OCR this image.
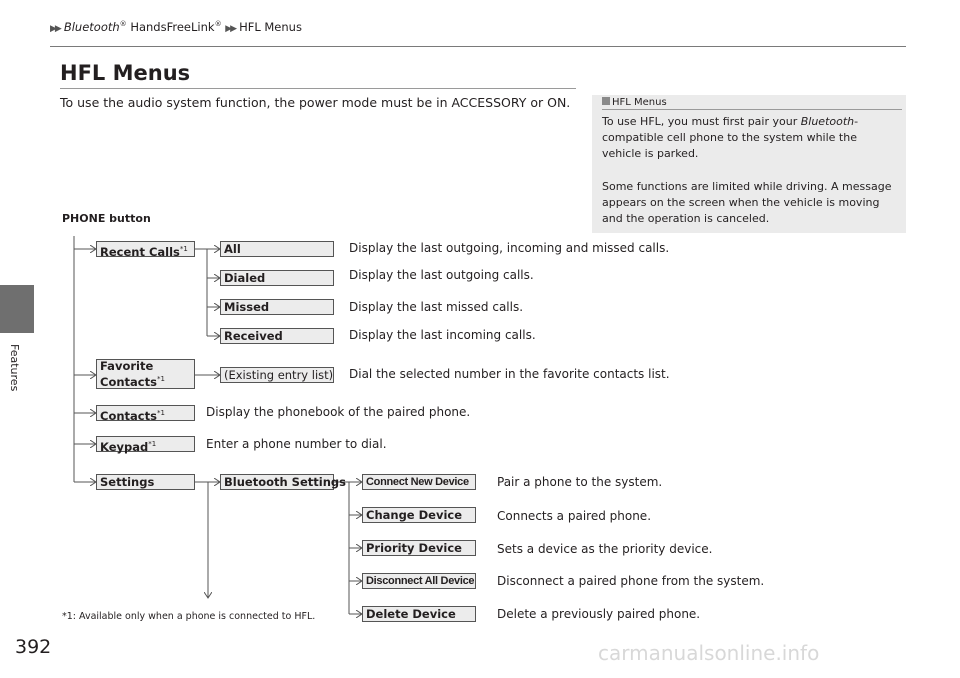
▶▶ Bluetooth® HandsFreeLink® ▶▶ HFL Menus
Features
392
HFL Menus
To use the audio system function, the power mode must be in ACCESSORY or ON.	HFL Menus
To use HFL, you must first pair your Bluetooth-compatible cell phone to the system while the vehicle is parked.
Some functions are limited while driving. A message appears on the screen when the vehicle is moving and the operation is canceled.
PHONE button
Recent Calls$^{*1}$
Favorite
Contacts$^{*1}$
Contacts$^{*1}$
Keypad$^{*1}$
Settings
All
Dialed
Missed
Received
Display the last outgoing, incoming and missed calls.
Display the last outgoing calls.
Display the last missed calls.
Display the last incoming calls.
(Existing entry list) Dial the selected number in the favorite contacts list.
Display the phonebook of the paired phone.
Enter a phone number to dial.
Bluetooth Settings	Connect New Device
Change Device
Priority Device
Disconnect All Device
Delete Device
Pair a phone to the system.
Connects a paired phone.
Sets a device as the priority device.
Disconnect a paired phone from the system.
Delete a previously paired phone.
*1: Available only when a phone is connected to HFL.
carmanualsonline.info
